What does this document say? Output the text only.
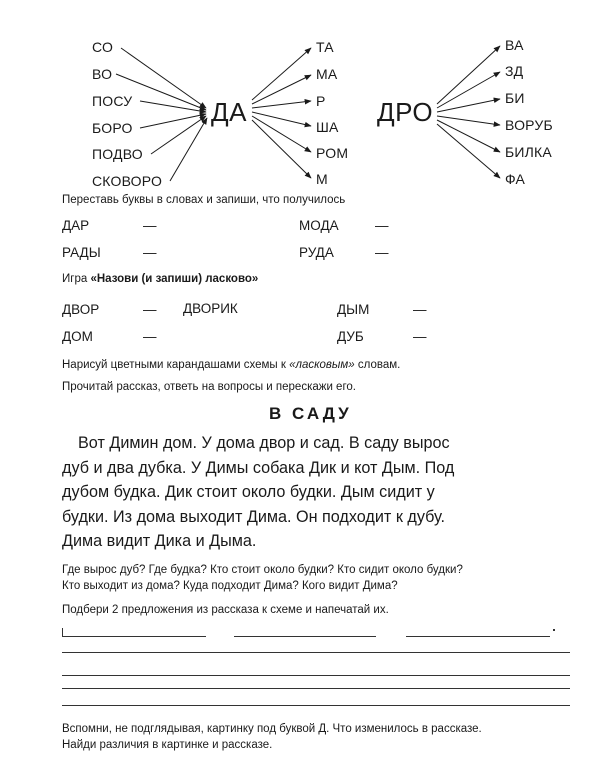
СО
ВО
ПОСУ
БОРО
ПОДВО
СКОВОРО
ДА
ТА
МА
Р
ША
РОМ
М
ДРО
ВА
ЗД
БИ
ВОРУБ
БИЛКА
ФА
Переставь буквы в словах и запиши, что получилось
ДАР	—
РАДЫ	—
МОДА	—
РУДА	—
Игра «Назови (и запиши) ласково»
ДВОР	— ДВОРИК
ДОМ	—
ДЫМ	—
ДУБ	—
Нарисуй цветными карандашами схемы к «ласковым» словам.
Прочитай рассказ, ответь на вопросы и перескажи его.
В САДУ
Вот Димин дом. У дома двор и сад. В саду вырос
дуб и два дубка. У Димы собака Дик и кот Дым. Под
дубом будка. Дик стоит около будки. Дым сидит у
будки. Из дома выходит Дима. Он подходит к дубу.
Дима видит Дика и Дыма.
Где вырос дуб? Где будка? Кто стоит около будки? Кто сидит около будки?
Кто выходит из дома? Куда подходит Дима? Кого видит Дима?
Подбери 2 предложения из рассказа к схеме и напечатай их.
Вспомни, не подглядывая, картинку под буквой Д. Что изменилось в рассказе.
Найди различия в картинке и рассказе.
